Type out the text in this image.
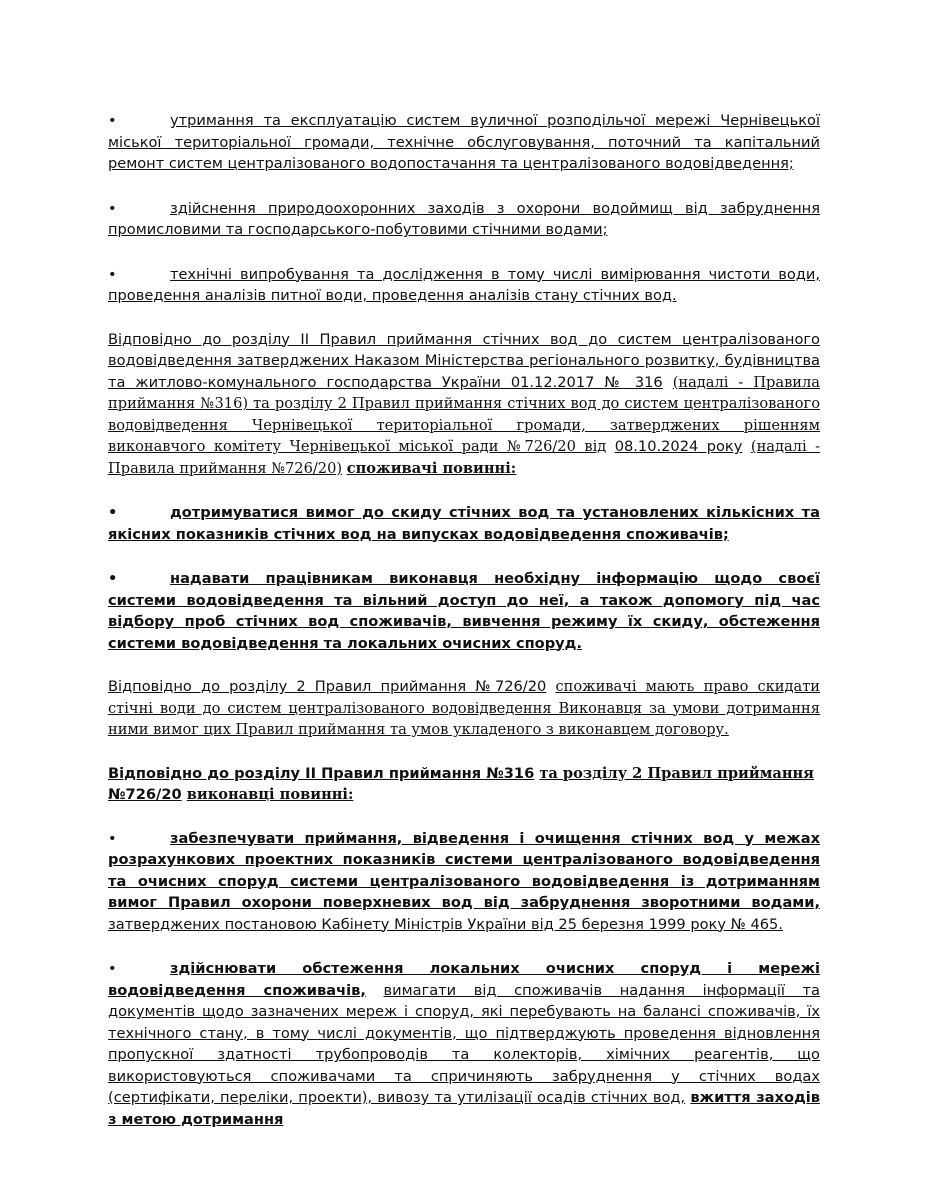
•	утримання та експлуатацію систем вуличної розподільчої мережі Чернівецької міської територіальної громади, технічне обслуговування, поточний та капітальний ремонт систем централізованого водопостачання та централізованого водовідведення;

•	здійснення природоохоронних заходів з охорони водоймищ від забруднення промисловими та господарського-побутовими стічними водами;

•	технічні випробування та дослідження в тому числі вимірювання чистоти води, проведення аналізів питної води, проведення аналізів стану стічних вод.

Відповідно до розділу II Правил приймання стічних вод до систем централізованого водовідведення затверджених Наказом Міністерства регіонального розвитку, будівництва та житлово-комунального господарства України 01.12.2017 № 316 (надалі - Правила приймання №316) та розділу 2 Правил приймання стічних вод до систем централізованого водовідведення Чернівецької територіальної громади, затверджених рішенням виконавчого комітету Чернівецької міської ради №726/20 від 08.10.2024 року (надалі - Правила приймання №726/20) споживачі повинні:

•	дотримуватися вимог до скиду стічних вод та установлених кількісних та якісних показників стічних вод на випусках водовідведення споживачів;

•	надавати працівникам виконавця необхідну інформацію щодо своєї системи водовідведення та вільний доступ до неї, а також допомогу під час відбору проб стічних вод споживачів, вивчення режиму їх скиду, обстеження системи водовідведення та локальних очисних споруд.

Відповідно до розділу 2 Правил приймання №726/20 споживачі мають право скидати стічні води до систем централізованого водовідведення Виконавця за умови дотримання ними вимог цих Правил приймання та умов укладеного з виконавцем договору.

Відповідно до розділу II Правил приймання №316 та розділу 2 Правил приймання
№726/20 виконавці повинні:

•	забезпечувати приймання, відведення і очищення стічних вод у межах розрахункових проектних показників системи централізованого водовідведення та очисних споруд системи централізованого водовідведення із дотриманням вимог Правил охорони поверхневих вод від забруднення зворотними водами, затверджених постановою Кабінету Міністрів України від 25 березня 1999 року № 465.

•	здійснювати обстеження локальних очисних споруд і мережі водовідведення споживачів, вимагати від споживачів надання інформації та документів щодо зазначених мереж і споруд, які перебувають на балансі споживачів, їх технічного стану, в тому числі документів, що підтверджують проведення відновлення пропускної здатності трубопроводів та колекторів, хімічних реагентів, що використовуються споживачами та спричиняють забруднення у стічних водах (сертифікати, переліки, проекти), вивозу та утилізації осадів стічних вод, вжиття заходів з метою дотримання
